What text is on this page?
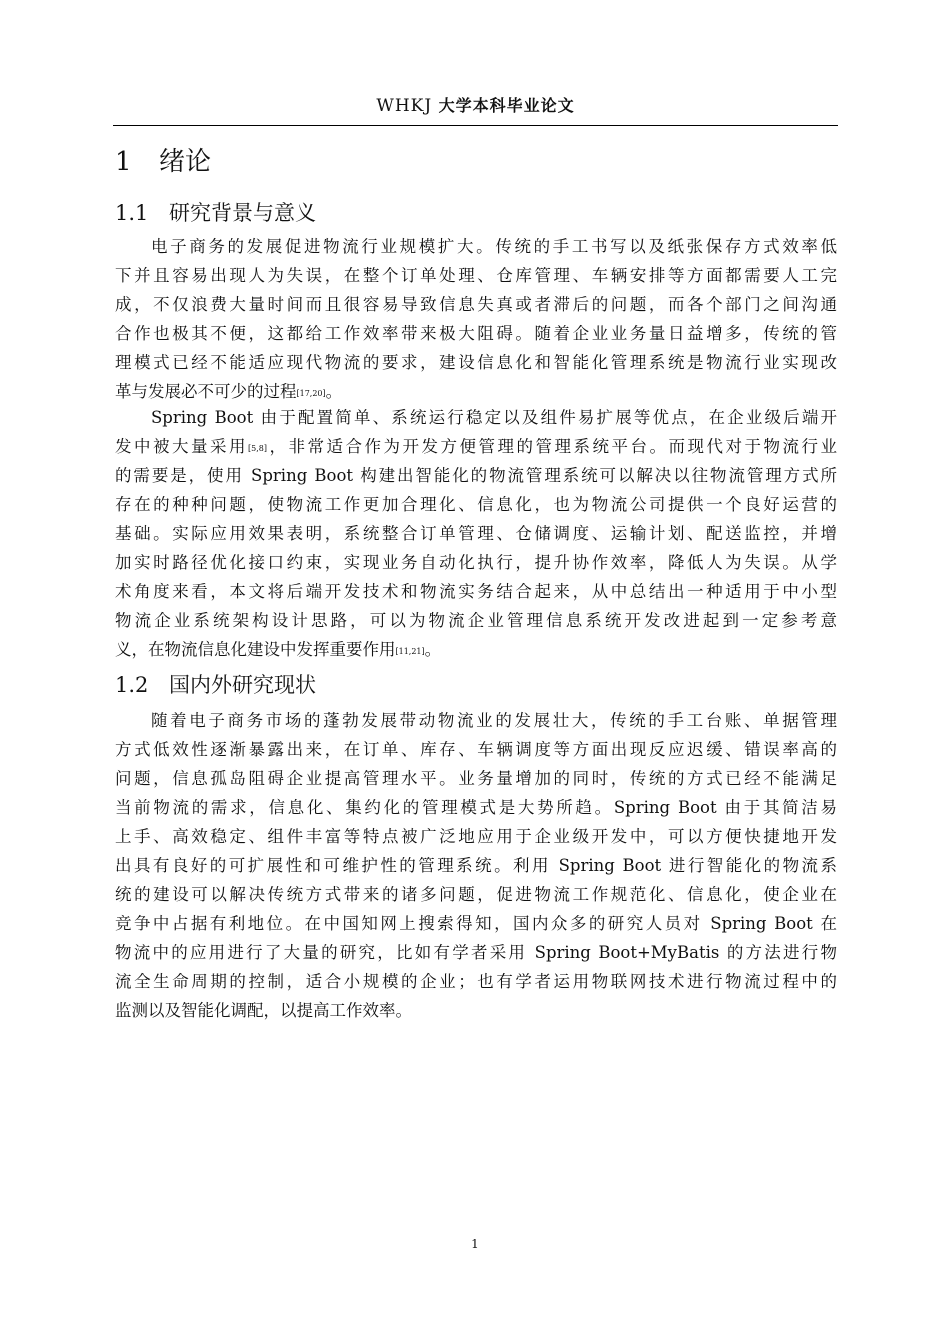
WHKJ 大学本科毕业论文
1 绪论
1.1 研究背景与意义

电子商务的发展促进物流行业规模扩大。传统的手工书写以及纸张保存方式效率低
下并且容易出现人为失误，在整个订单处理、仓库管理、车辆安排等方面都需要人工完
成，不仅浪费大量时间而且很容易导致信息失真或者滞后的问题，而各个部门之间沟通
合作也极其不便，这都给工作效率带来极大阻碍。随着企业业务量日益增多，传统的管
理模式已经不能适应现代物流的要求，建设信息化和智能化管理系统是物流行业实现改
革与发展必不可少的过程[17,20]。

Spring Boot 由于配置简单、系统运行稳定以及组件易扩展等优点，在企业级后端开
发中被大量采用[5,8]，非常适合作为开发方便管理的管理系统平台。而现代对于物流行业
的需要是，使用 Spring Boot 构建出智能化的物流管理系统可以解决以往物流管理方式所
存在的种种问题，使物流工作更加合理化、信息化，也为物流公司提供一个良好运营的
基础。实际应用效果表明，系统整合订单管理、仓储调度、运输计划、配送监控，并增
加实时路径优化接口约束，实现业务自动化执行，提升协作效率，降低人为失误。从学
术角度来看，本文将后端开发技术和物流实务结合起来，从中总结出一种适用于中小型
物流企业系统架构设计思路，可以为物流企业管理信息系统开发改进起到一定参考意
义，在物流信息化建设中发挥重要作用[11,21]。

1.2 国内外研究现状

随着电子商务市场的蓬勃发展带动物流业的发展壮大，传统的手工台账、单据管理
方式低效性逐渐暴露出来，在订单、库存、车辆调度等方面出现反应迟缓、错误率高的
问题，信息孤岛阻碍企业提高管理水平。业务量增加的同时，传统的方式已经不能满足
当前物流的需求，信息化、集约化的管理模式是大势所趋。Spring Boot 由于其简洁易
上手、高效稳定、组件丰富等特点被广泛地应用于企业级开发中，可以方便快捷地开发
出具有良好的可扩展性和可维护性的管理系统。利用 Spring Boot 进行智能化的物流系
统的建设可以解决传统方式带来的诸多问题，促进物流工作规范化、信息化，使企业在
竞争中占据有利地位。在中国知网上搜索得知，国内众多的研究人员对 Spring Boot 在
物流中的应用进行了大量的研究，比如有学者采用 Spring Boot+MyBatis 的方法进行物
流全生命周期的控制，适合小规模的企业；也有学者运用物联网技术进行物流过程中的
监测以及智能化调配，以提高工作效率。

1
